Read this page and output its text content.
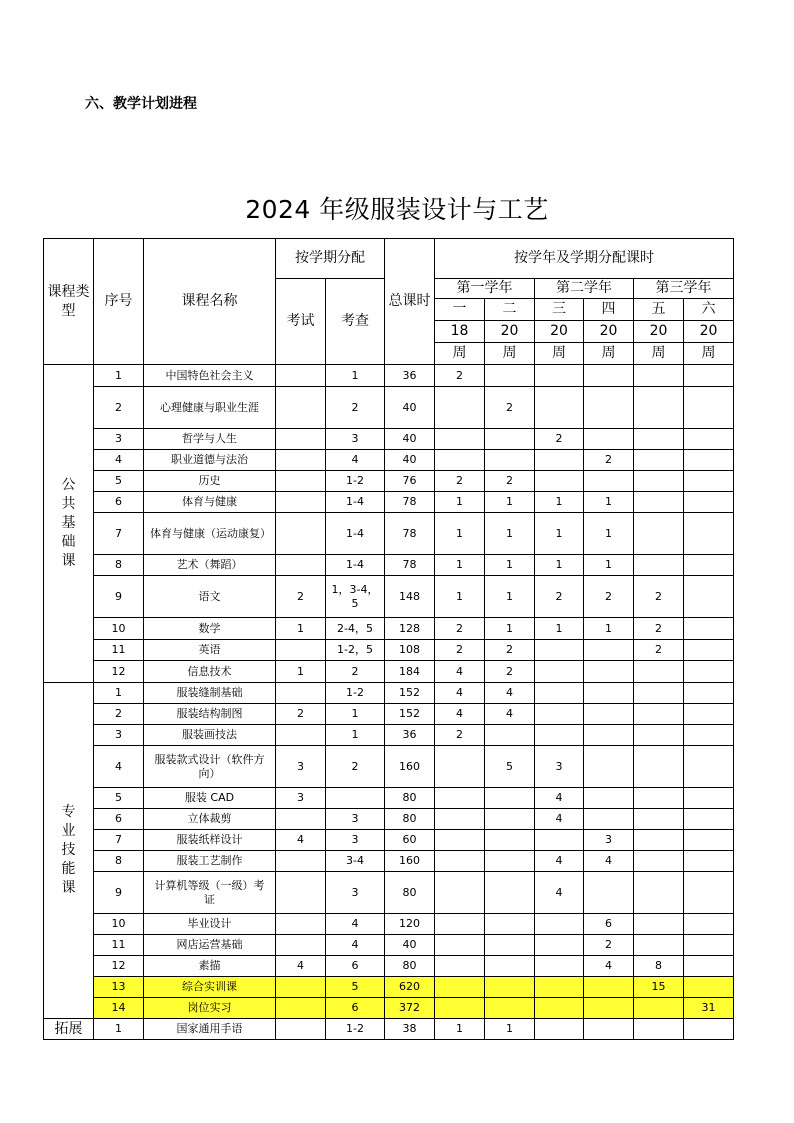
六、教学计划进程
2024 年级服装设计与工艺
课程类型	序号	课程名称	按学期分配		总课时	按学年及学期分配课时					
			考试	考查		第一学年		第二学年		第三学年	
						一	二	三	四	五	六
						18	20	20	20	20	20
						周	周	周	周	周	周
公共基础课	1	中国特色社会主义		1	36	2					
	2	心理健康与职业生涯		2	40		2				
	3	哲学与人生		3	40			2			
	4	职业道德与法治		4	40				2		
	5	历史		1-2	76	2	2				
	6	体育与健康		1-4	78	1	1	1	1		
	7	体育与健康（运动康复）		1-4	78	1	1	1	1		
	8	艺术（舞蹈）		1-4	78	1	1	1	1		
	9	语文	2	1，3-4，5	148	1	1	2	2	2	
	10	数学	1	2-4，5	128	2	1	1	1	2	
	11	英语		1-2，5	108	2	2			2	
	12	信息技术	1	2	184	4	2				
专业技能课	1	服装缝制基础		1-2	152	4	4				
	2	服装结构制图	2	1	152	4	4				
	3	服装画技法		1	36	2					
	4	服装款式设计（软件方向）	3	2	160		5	3			
	5	服装 CAD	3		80			4			
	6	立体裁剪		3	80			4			
	7	服装纸样设计	4	3	60				3		
	8	服装工艺制作		3-4	160			4	4		
	9	计算机等级（一级）考证		3	80			4			
	10	毕业设计		4	120				6		
	11	网店运营基础		4	40				2		
	12	素描	4	6	80				4	8	
	13	综合实训课		5	620					15	
	14	岗位实习		6	372						31
拓展	1	国家通用手语		1-2	38	1	1				
